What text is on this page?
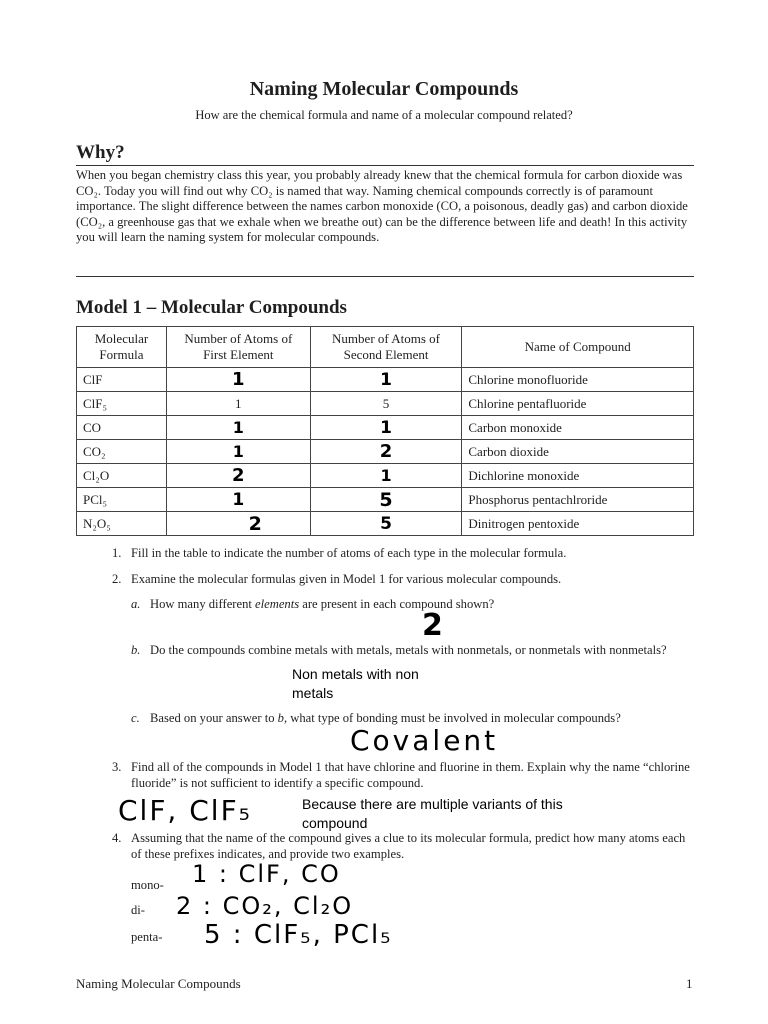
Naming Molecular Compounds
How are the chemical formula and name of a molecular compound related?
Why?
When you began chemistry class this year, you probably already knew that the chemical formula for carbon dioxide was CO₂. Today you will find out why CO₂ is named that way. Naming chemical compounds correctly is of paramount importance. The slight difference between the names carbon monoxide (CO, a poisonous, deadly gas) and carbon dioxide (CO₂, a greenhouse gas that we exhale when we breathe out) can be the difference between life and death! In this activity you will learn the naming system for molecular compounds.
Model 1 – Molecular Compounds
Molecular Formula	Number of Atoms of First Element	Number of Atoms of Second Element	Name of Compound
ClF	1	1	Chlorine monofluoride
ClF₅	1	5	Chlorine pentafluoride
CO	1	1	Carbon monoxide
CO₂	1	2	Carbon dioxide
Cl₂O	2	1	Dichlorine monoxide
PCl₅	1	5	Phosphorus pentachlroride
N₂O₅	2	5	Dinitrogen pentoxide
1. Fill in the table to indicate the number of atoms of each type in the molecular formula.
2. Examine the molecular formulas given in Model 1 for various molecular compounds.
a. How many different elements are present in each compound shown?
2
b. Do the compounds combine metals with metals, metals with nonmetals, or nonmetals with nonmetals?
Non metals with non metals
c. Based on your answer to b, what type of bonding must be involved in molecular compounds?
Covalent
3. Find all of the compounds in Model 1 that have chlorine and fluorine in them. Explain why the name “chlorine fluoride” is not sufficient to identify a specific compound.
ClF, ClF₅	Because there are multiple variants of this compound
4. Assuming that the name of the compound gives a clue to its molecular formula, predict how many atoms each of these prefixes indicates, and provide two examples.
mono- 1 : ClF, CO
di- 2 : CO₂, Cl₂O
penta- 5 : ClF₅, PCl₅
Naming Molecular Compounds	1
